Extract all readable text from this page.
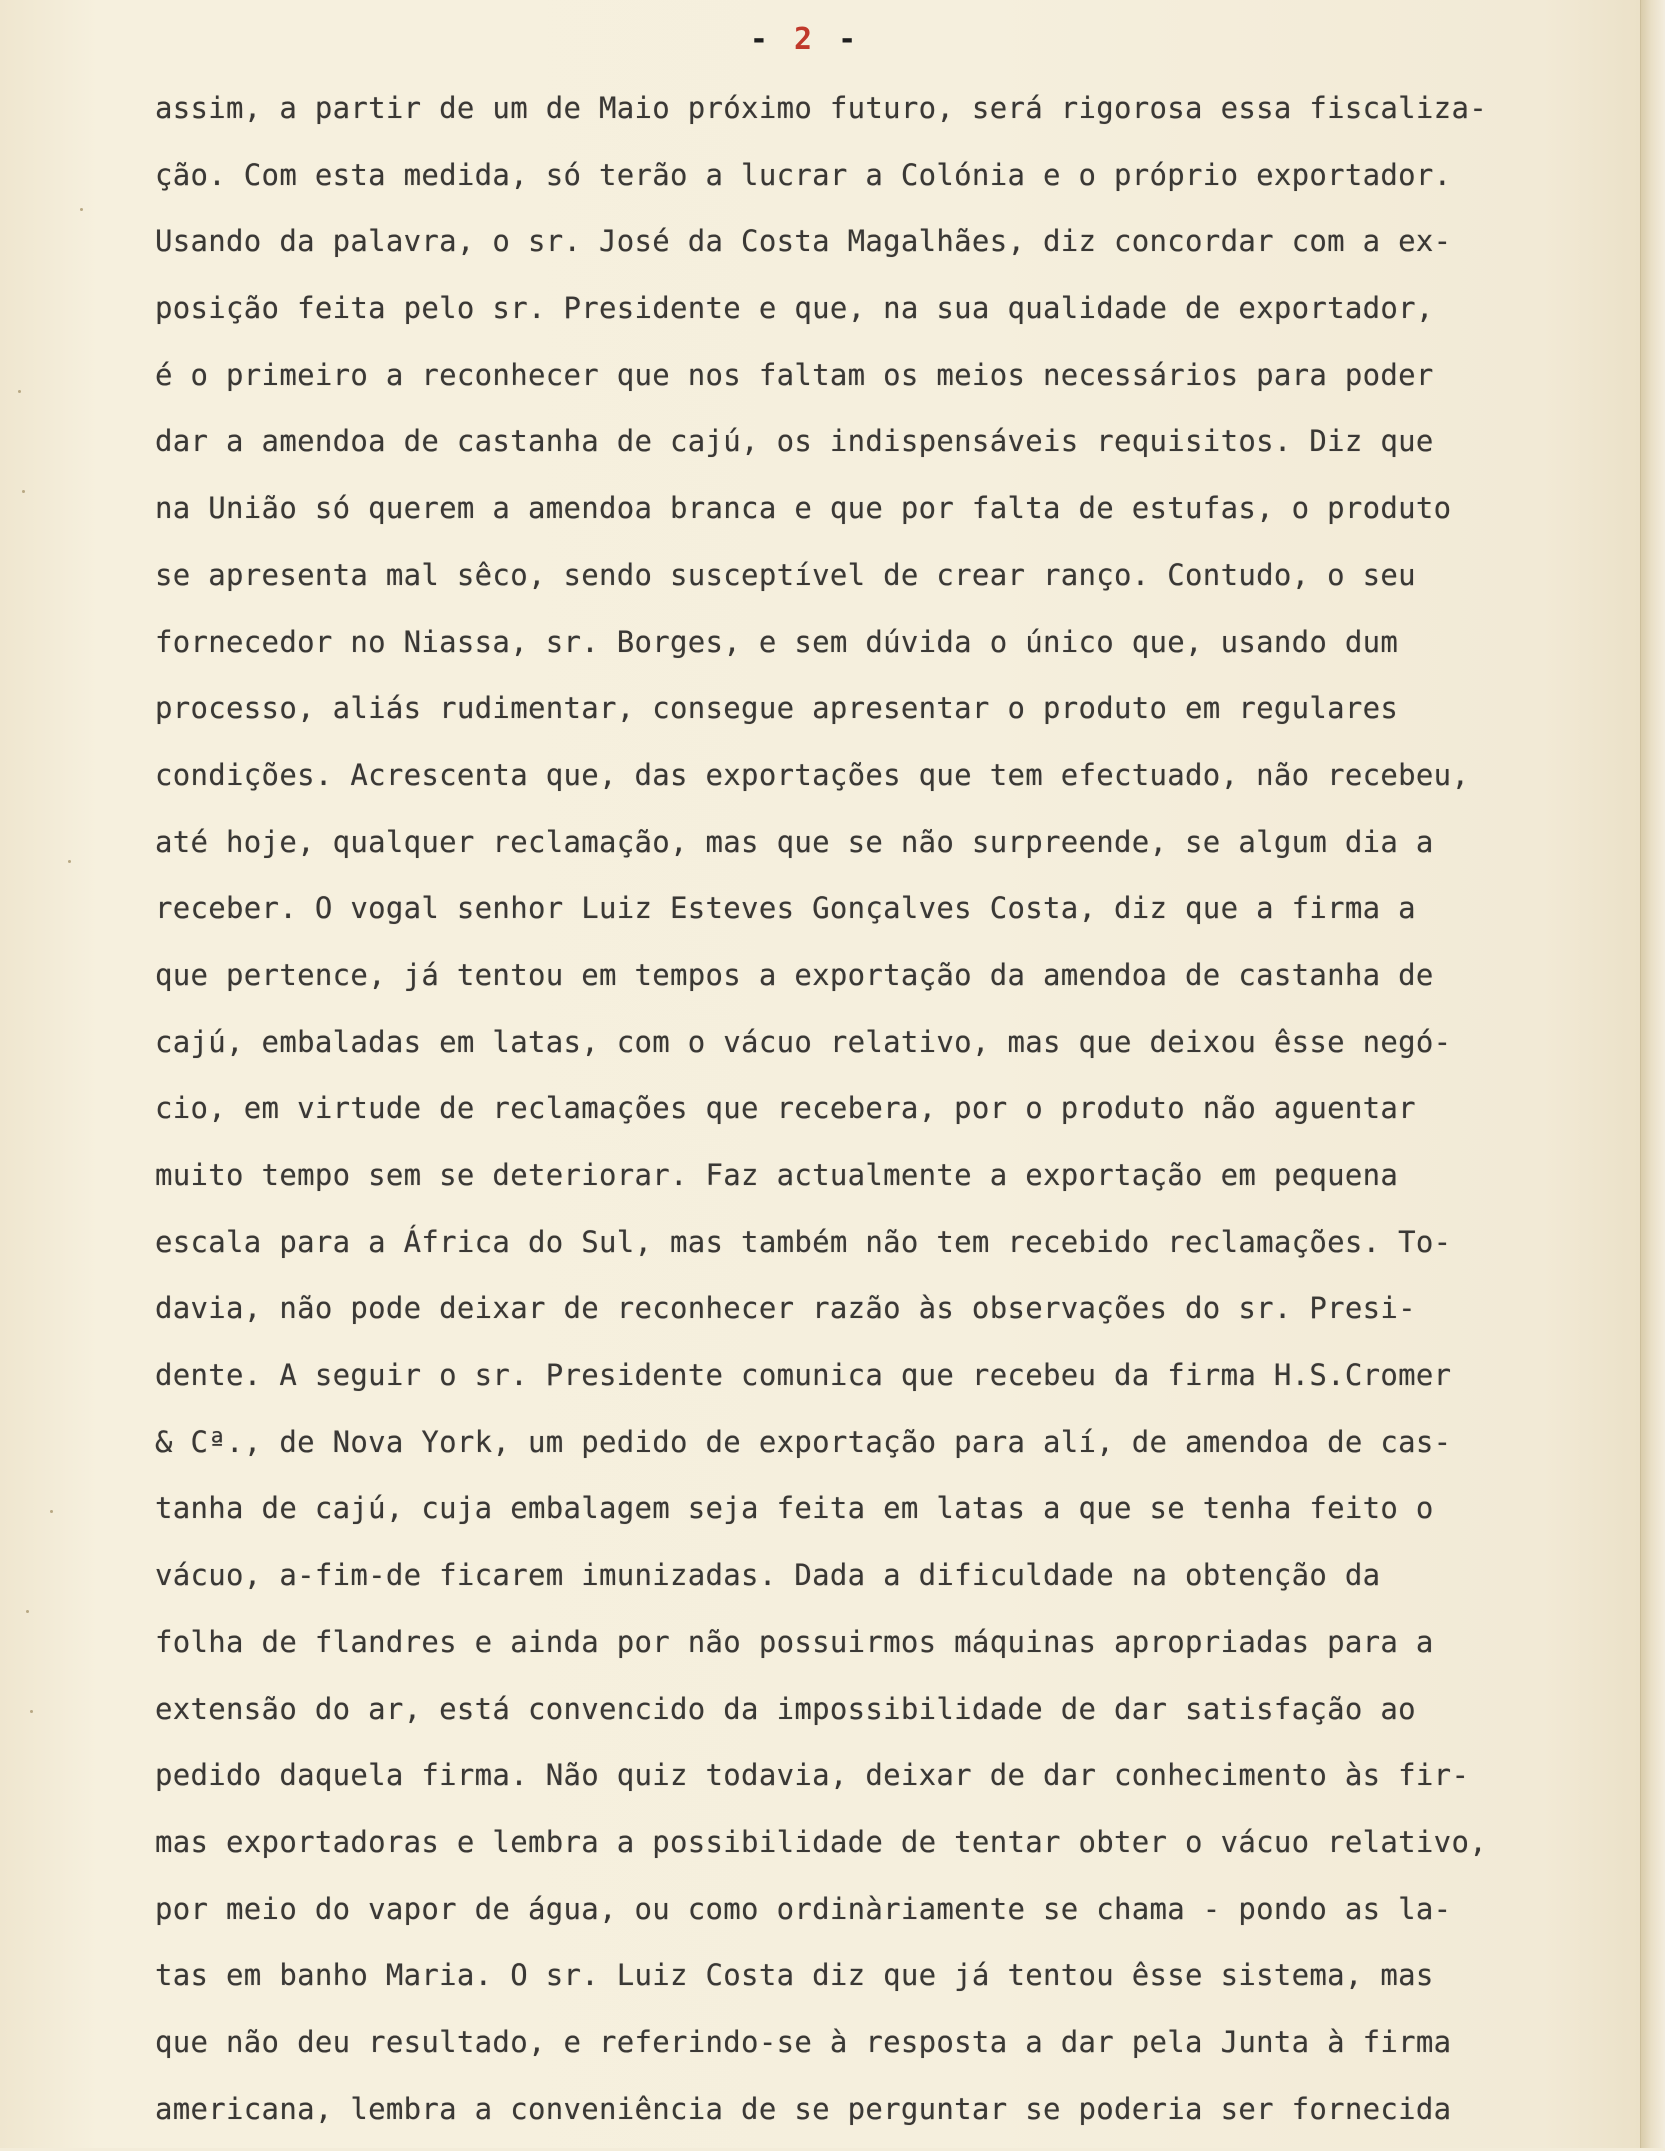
- 2 -
assim, a partir de um de Maio próximo futuro, será rigorosa essa fiscaliza-
ção. Com esta medida, só terão a lucrar a Colónia e o próprio exportador.
Usando da palavra, o sr. José da Costa Magalhães, diz concordar com a ex-
posição feita pelo sr. Presidente e que, na sua qualidade de exportador,
é o primeiro a reconhecer que nos faltam os meios necessários para poder
dar a amendoa de castanha de cajú, os indispensáveis requisitos. Diz que
na União só querem a amendoa branca e que por falta de estufas, o produto
se apresenta mal sêco, sendo susceptível de crear ranço. Contudo, o seu
fornecedor no Niassa, sr. Borges, e sem dúvida o único que, usando dum
processo, aliás rudimentar, consegue apresentar o produto em regulares
condições. Acrescenta que, das exportações que tem efectuado, não recebeu,
até hoje, qualquer reclamação, mas que se não surpreende, se algum dia a
receber. O vogal senhor Luiz Esteves Gonçalves Costa, diz que a firma a
que pertence, já tentou em tempos a exportação da amendoa de castanha de
cajú, embaladas em latas, com o vácuo relativo, mas que deixou êsse negó-
cio, em virtude de reclamações que recebera, por o produto não aguentar
muito tempo sem se deteriorar. Faz actualmente a exportação em pequena
escala para a África do Sul, mas também não tem recebido reclamações. To-
davia, não pode deixar de reconhecer razão às observações do sr. Presi-
dente. A seguir o sr. Presidente comunica que recebeu da firma H.S.Cromer
& Cª., de Nova York, um pedido de exportação para alí, de amendoa de cas-
tanha de cajú, cuja embalagem seja feita em latas a que se tenha feito o
vácuo, a-fim-de ficarem imunizadas. Dada a dificuldade na obtenção da
folha de flandres e ainda por não possuirmos máquinas apropriadas para a
extensão do ar, está convencido da impossibilidade de dar satisfação ao
pedido daquela firma. Não quiz todavia, deixar de dar conhecimento às fir-
mas exportadoras e lembra a possibilidade de tentar obter o vácuo relativo,
por meio do vapor de água, ou como ordinàriamente se chama - pondo as la-
tas em banho Maria. O sr. Luiz Costa diz que já tentou êsse sistema, mas
que não deu resultado, e referindo-se à resposta a dar pela Junta à firma
americana, lembra a conveniência de se perguntar se poderia ser fornecida
